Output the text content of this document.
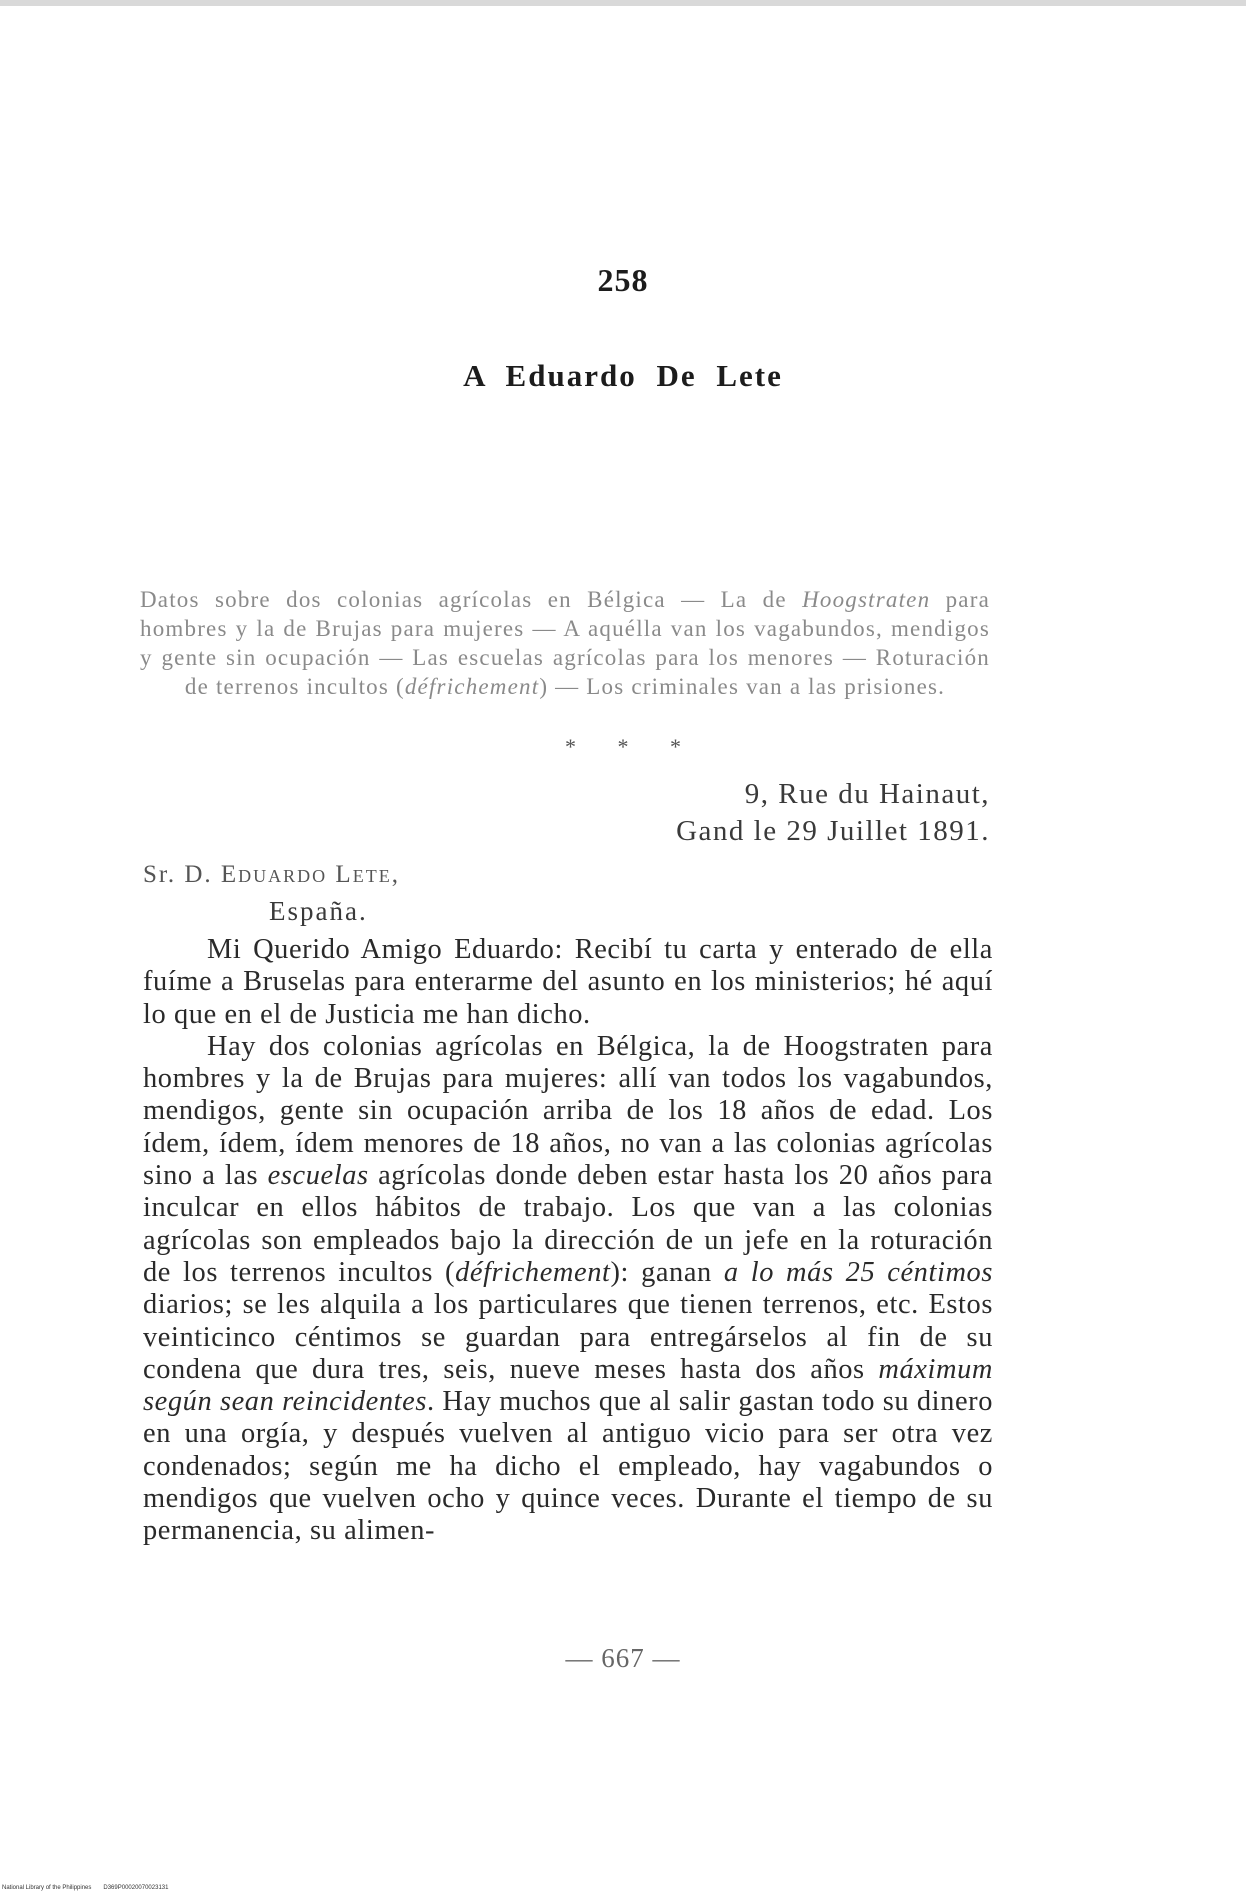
258
A Eduardo De Lete
Datos sobre dos colonias agrícolas en Bélgica — La de Hoogstraten para hombres y la de Brujas para mujeres — A aquélla van los vagabundos, mendigos y gente sin ocupación — Las escuelas agrícolas para los menores — Roturación de terrenos incultos (défrichement) — Los criminales van a las prisiones.
* * *
9, Rue du Hainaut,
Gand le 29 Juillet 1891.
Sr. D. Eduardo Lete,
España.

Mi Querido Amigo Eduardo: Recibí tu carta y enterado de ella fuíme a Bruselas para enterarme del asunto en los ministerios; hé aquí lo que en el de Justicia me han dicho.

Hay dos colonias agrícolas en Bélgica, la de Hoogstraten para hombres y la de Brujas para mujeres: allí van todos los vagabundos, mendigos, gente sin ocupación arriba de los 18 años de edad. Los ídem, ídem, ídem menores de 18 años, no van a las colonias agrícolas sino a las escuelas agrícolas donde deben estar hasta los 20 años para inculcar en ellos hábitos de trabajo. Los que van a las colonias agrícolas son empleados bajo la dirección de un jefe en la roturación de los terrenos incultos (défrichement): ganan a lo más 25 céntimos diarios; se les alquila a los particulares que tienen terrenos, etc. Estos veinticinco céntimos se guardan para entregárselos al fin de su condena que dura tres, seis, nueve meses hasta dos años máximum según sean reincidentes. Hay muchos que al salir gastan todo su dinero en una orgía, y después vuelven al antiguo vicio para ser otra vez condenados; según me ha dicho el empleado, hay vagabundos o mendigos que vuelven ocho y quince veces. Durante el tiempo de su permanencia, su alimen-

— 667 —
National Library of the Philippines D369P00020070023131
